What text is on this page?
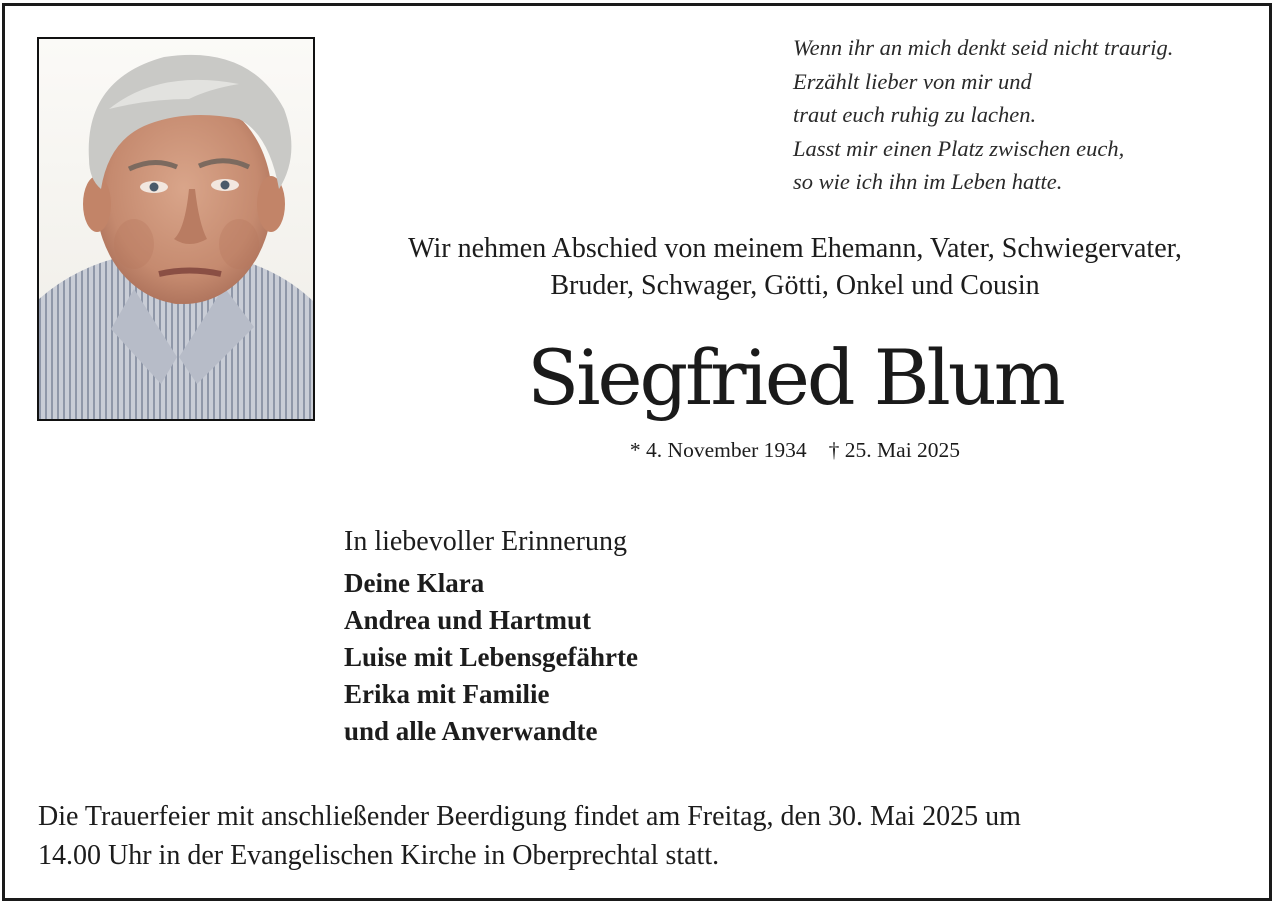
Wenn ihr an mich denkt seid nicht traurig.
Erzählt lieber von mir und
traut euch ruhig zu lachen.
Lasst mir einen Platz zwischen euch,
so wie ich ihn im Leben hatte.
Wir nehmen Abschied von meinem Ehemann, Vater, Schwiegervater,
Bruder, Schwager, Götti, Onkel und Cousin
Siegfried Blum
* 4. November 1934 † 25. Mai 2025
In liebevoller Erinnerung
Deine Klara
Andrea und Hartmut
Luise mit Lebensgefährte
Erika mit Familie
und alle Anverwandte
Die Trauerfeier mit anschließender Beerdigung findet am Freitag, den 30. Mai 2025 um
14.00 Uhr in der Evangelischen Kirche in Oberprechtal statt.
